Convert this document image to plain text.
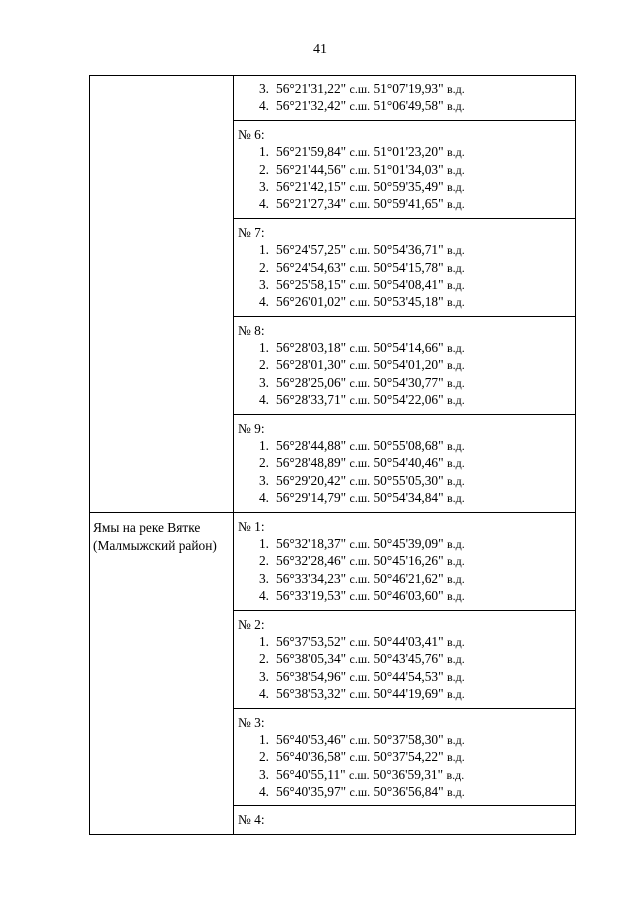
41

	3. 56°21'31,22" с.ш. 51°07'19,93" в.д.
4. 56°21'32,42" с.ш. 51°06'49,58" в.д.

	№ 6:
1. 56°21'59,84" с.ш. 51°01'23,20" в.д.
2. 56°21'44,56" с.ш. 51°01'34,03" в.д.
3. 56°21'42,15" с.ш. 50°59'35,49" в.д.
4. 56°21'27,34" с.ш. 50°59'41,65" в.д.

	№ 7:
1. 56°24'57,25" с.ш. 50°54'36,71" в.д.
2. 56°24'54,63" с.ш. 50°54'15,78" в.д.
3. 56°25'58,15" с.ш. 50°54'08,41" в.д.
4. 56°26'01,02" с.ш. 50°53'45,18" в.д.

	№ 8:
1. 56°28'03,18" с.ш. 50°54'14,66" в.д.
2. 56°28'01,30" с.ш. 50°54'01,20" в.д.
3. 56°28'25,06" с.ш. 50°54'30,77" в.д.
4. 56°28'33,71" с.ш. 50°54'22,06" в.д.

	№ 9:
1. 56°28'44,88" с.ш. 50°55'08,68" в.д.
2. 56°28'48,89" с.ш. 50°54'40,46" в.д.
3. 56°29'20,42" с.ш. 50°55'05,30" в.д.
4. 56°29'14,79" с.ш. 50°54'34,84" в.д.

Ямы на реке Вятке (Малмыжский район)	№ 1:
1. 56°32'18,37" с.ш. 50°45'39,09" в.д.
2. 56°32'28,46" с.ш. 50°45'16,26" в.д.
3. 56°33'34,23" с.ш. 50°46'21,62" в.д.
4. 56°33'19,53" с.ш. 50°46'03,60" в.д.

	№ 2:
1. 56°37'53,52" с.ш. 50°44'03,41" в.д.
2. 56°38'05,34" с.ш. 50°43'45,76" в.д.
3. 56°38'54,96" с.ш. 50°44'54,53" в.д.
4. 56°38'53,32" с.ш. 50°44'19,69" в.д.

	№ 3:
1. 56°40'53,46" с.ш. 50°37'58,30" в.д.
2. 56°40'36,58" с.ш. 50°37'54,22" в.д.
3. 56°40'55,11" с.ш. 50°36'59,31" в.д.
4. 56°40'35,97" с.ш. 50°36'56,84" в.д.

	№ 4:
